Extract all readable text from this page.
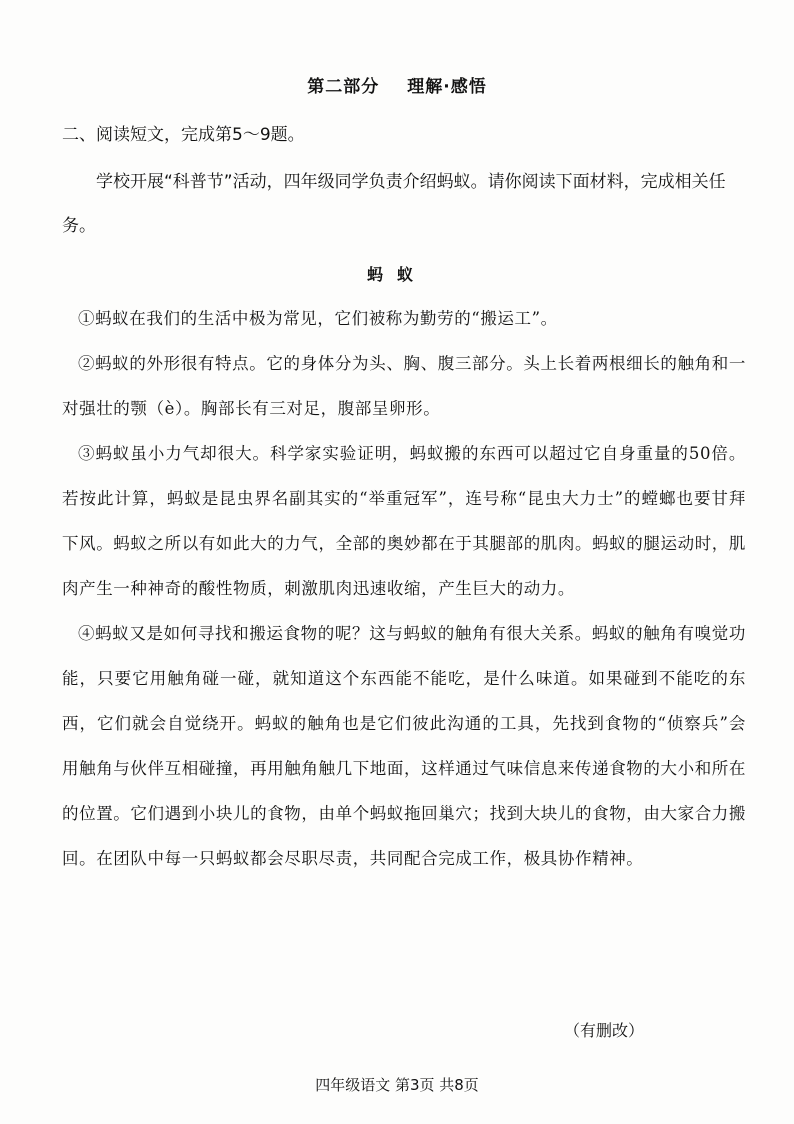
第二部分 理解·感悟
二、阅读短文，完成第5～9题。
学校开展“科普节”活动，四年级同学负责介绍蚂蚁。请你阅读下面材料，完成相关任务。
蚂蚁

①蚂蚁在我们的生活中极为常见，它们被称为勤劳的“搬运工”。

②蚂蚁的外形很有特点。它的身体分为头、胸、腹三部分。头上长着两根细长的触角和一对强壮的颚（è）。胸部长有三对足，腹部呈卵形。

③蚂蚁虽小力气却很大。科学家实验证明，蚂蚁搬的东西可以超过它自身重量的50倍。若按此计算，蚂蚁是昆虫界名副其实的“举重冠军”，连号称“昆虫大力士”的螳螂也要甘拜下风。蚂蚁之所以有如此大的力气，全部的奥妙都在于其腿部的肌肉。蚂蚁的腿运动时，肌肉产生一种神奇的酸性物质，刺激肌肉迅速收缩，产生巨大的动力。

④蚂蚁又是如何寻找和搬运食物的呢？这与蚂蚁的触角有很大关系。蚂蚁的触角有嗅觉功能，只要它用触角碰一碰，就知道这个东西能不能吃，是什么味道。如果碰到不能吃的东西，它们就会自觉绕开。蚂蚁的触角也是它们彼此沟通的工具，先找到食物的“侦察兵”会用触角与伙伴互相碰撞，再用触角触几下地面，这样通过气味信息来传递食物的大小和所在的位置。它们遇到小块儿的食物，由单个蚂蚁拖回巢穴；找到大块儿的食物，由大家合力搬回。在团队中每一只蚂蚁都会尽职尽责，共同配合完成工作，极具协作精神。

（有删改）
四年级语文 第3页 共8页
